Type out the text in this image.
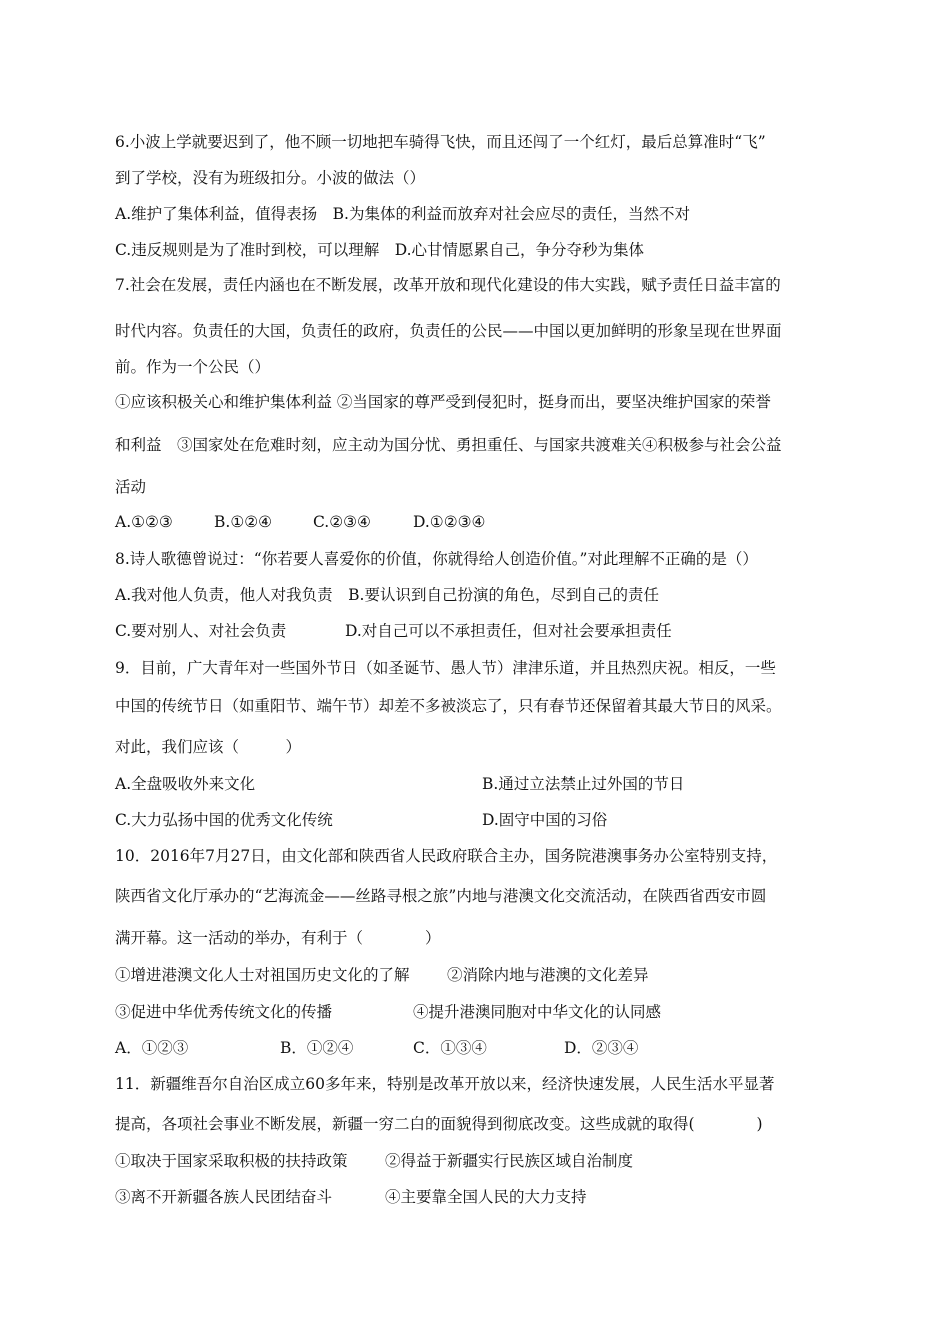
6.小波上学就要迟到了，他不顾一切地把车骑得飞快，而且还闯了一个红灯，最后总算准时“飞”
到了学校，没有为班级扣分。小波的做法（）
A.维护了集体利益，值得表扬　B.为集体的利益而放弃对社会应尽的责任，当然不对
C.违反规则是为了准时到校，可以理解　D.心甘情愿累自己，争分夺秒为集体
7.社会在发展，责任内涵也在不断发展，改革开放和现代化建设的伟大实践，赋予责任日益丰富的
时代内容。负责任的大国，负责任的政府，负责任的公民——中国以更加鲜明的形象呈现在世界面
前。作为一个公民（）
①应该积极关心和维护集体利益 ②当国家的尊严受到侵犯时，挺身而出，要坚决维护国家的荣誉
和利益　③国家处在危难时刻，应主动为国分忧、勇担重任、与国家共渡难关④积极参与社会公益
活动
A.①②③	B.①②④	C.②③④	D.①②③④
8.诗人歌德曾说过：“你若要人喜爱你的价值，你就得给人创造价值。”对此理解不正确的是（）
A.我对他人负责，他人对我负责　B.要认识到自己扮演的角色，尽到自己的责任
C.要对别人、对社会负责	D.对自己可以不承担责任，但对社会要承担责任
9．目前，广大青年对一些国外节日（如圣诞节、愚人节）津津乐道，并且热烈庆祝。相反，一些
中国的传统节日（如重阳节、端午节）却差不多被淡忘了，只有春节还保留着其最大节日的风采。
对此，我们应该（　　　）
A.全盘吸收外来文化	B.通过立法禁止过外国的节日
C.大力弘扬中国的优秀文化传统	D.固守中国的习俗
10．2016年7月27日，由文化部和陕西省人民政府联合主办，国务院港澳事务办公室特别支持，
陕西省文化厅承办的“艺海流金——丝路寻根之旅”内地与港澳文化交流活动，在陕西省西安市圆
满开幕。这一活动的举办，有利于（　　　　）
①增进港澳文化人士对祖国历史文化的了解 ②消除内地与港澳的文化差异
③促进中华优秀传统文化的传播	④提升港澳同胞对中华文化的认同感
A．①②③	B．①②④	C．①③④	D．②③④
11．新疆维吾尔自治区成立60多年来，特别是改革开放以来，经济快速发展，人民生活水平显著
提高，各项社会事业不断发展，新疆一穷二白的面貌得到彻底改变。这些成就的取得(　　　　)
①取决于国家采取积极的扶持政策 ②得益于新疆实行民族区域自治制度
③离不开新疆各族人民团结奋斗	④主要靠全国人民的大力支持
